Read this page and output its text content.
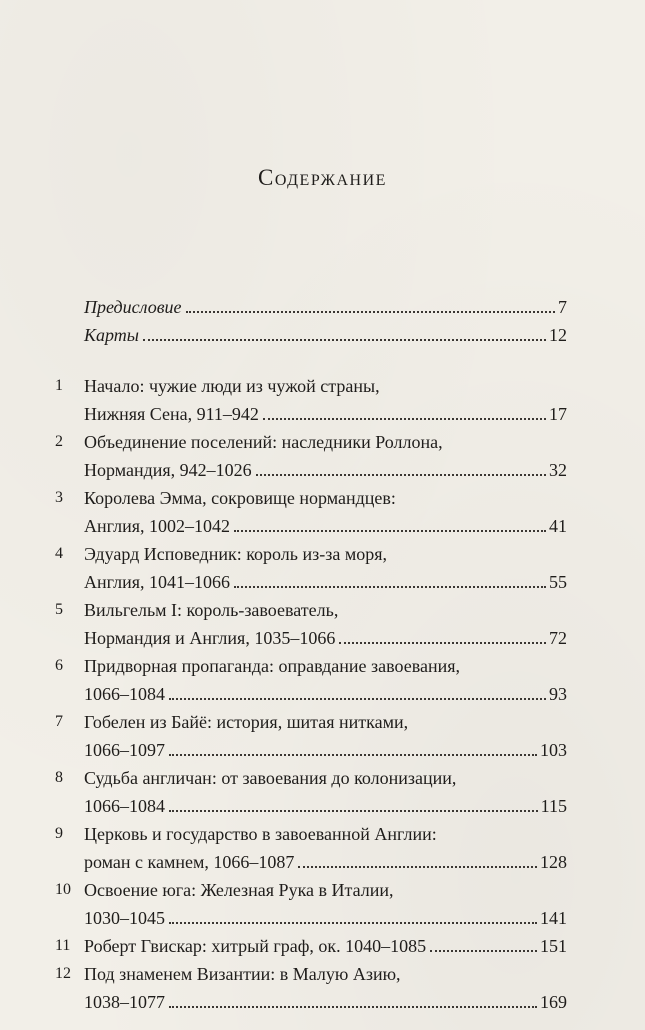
Содержание
Предисловие	7
Карты	12
1	Начало: чужие люди из чужой страны,
Нижняя Сена, 911–942	17
2	Объединение поселений: наследники Роллона,
Нормандия, 942–1026	32
3	Королева Эмма, сокровище нормандцев:
Англия, 1002–1042	41
4	Эдуард Исповедник: король из-за моря,
Англия, 1041–1066	55
5	Вильгельм I: король-завоеватель,
Нормандия и Англия, 1035–1066	72
6	Придворная пропаганда: оправдание завоевания,
1066–1084	93
7	Гобелен из Байё: история, шитая нитками,
1066–1097	103
8	Судьба англичан: от завоевания до колонизации,
1066–1084	115
9	Церковь и государство в завоеванной Англии:
роман с камнем, 1066–1087	128
10 Освоение юга: Железная Рука в Италии,
1030–1045	141
11 Роберт Гвискар: хитрый граф, ок. 1040–1085	151
12 Под знаменем Византии: в Малую Азию,
1038–1077	169
